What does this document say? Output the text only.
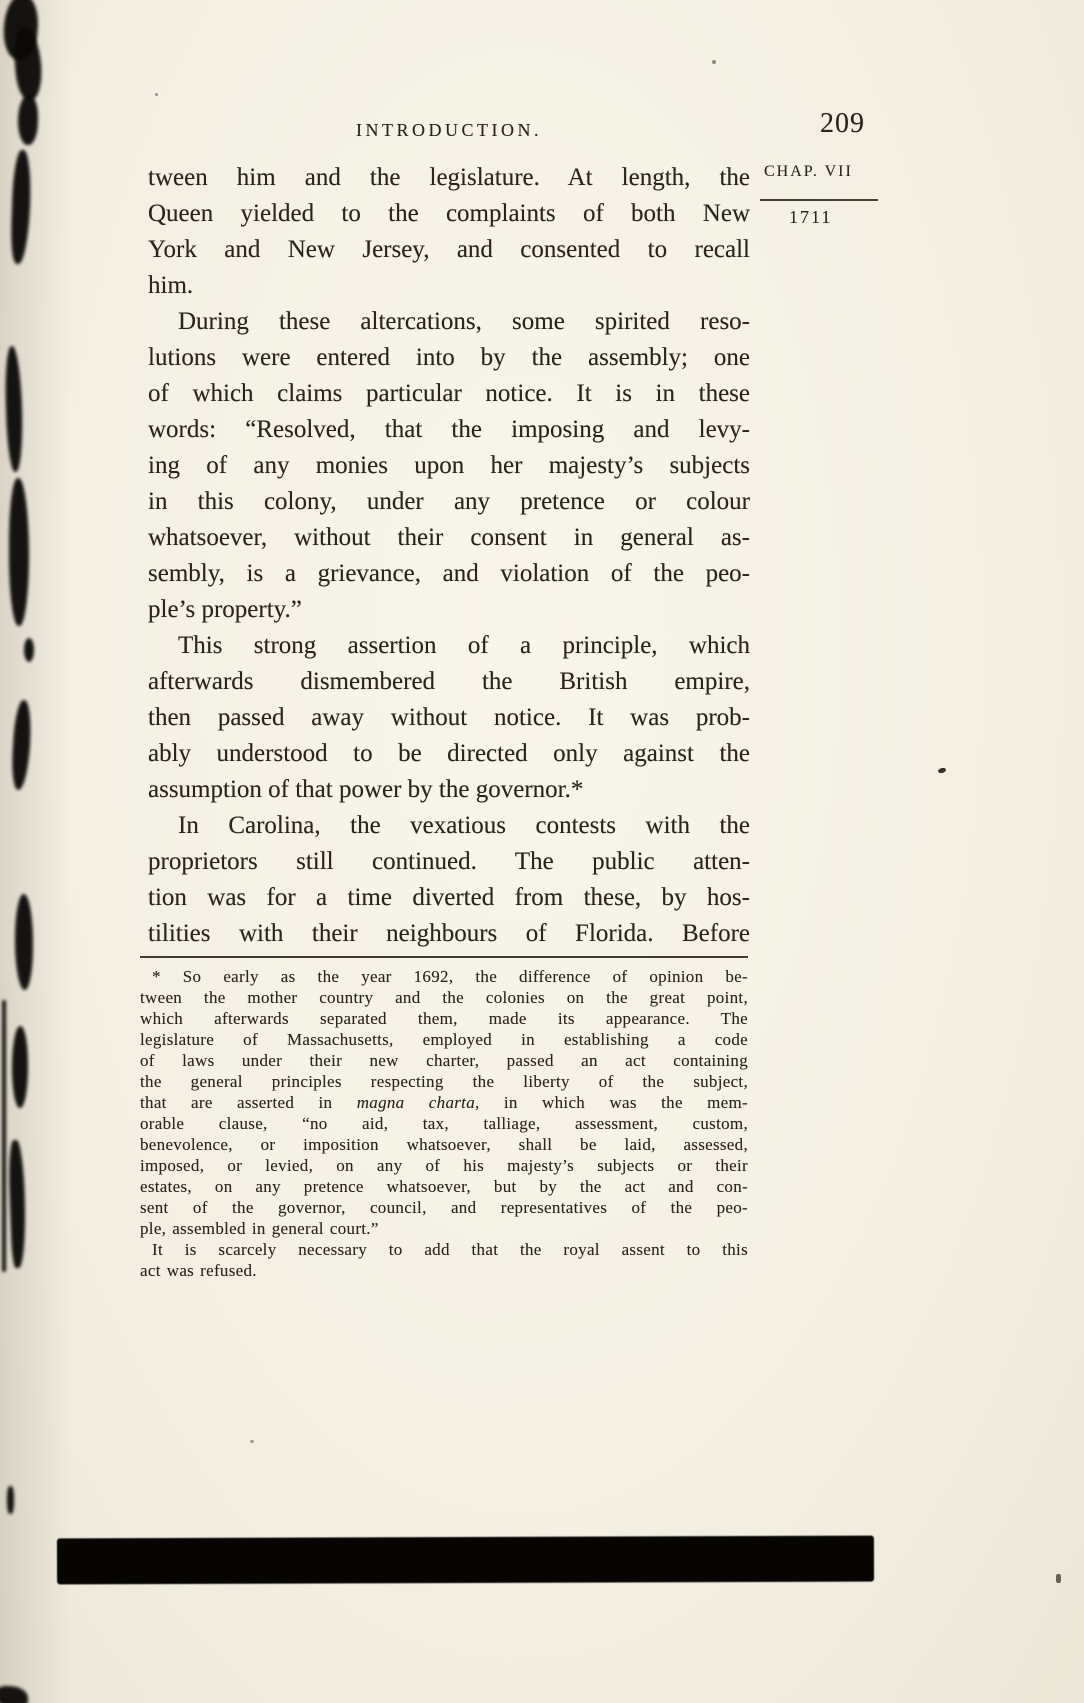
INTRODUCTION.	209
CHAP. VII
1711
tween him and the legislature. At length, the
Queen yielded to the complaints of both New
York and New Jersey, and consented to recall
him.
During these altercations, some spirited reso-
lutions were entered into by the assembly; one
of which claims particular notice. It is in these
words: “Resolved, that the imposing and levy-
ing of any monies upon her majesty’s subjects
in this colony, under any pretence or colour
whatsoever, without their consent in general as-
sembly, is a grievance, and violation of the peo-
ple’s property.”
This strong assertion of a principle, which
afterwards dismembered the British empire,
then passed away without notice. It was prob-
ably understood to be directed only against the
assumption of that power by the governor.*
In Carolina, the vexatious contests with the
proprietors still continued. The public atten-
tion was for a time diverted from these, by hos-
tilities with their neighbours of Florida. Before
* So early as the year 1692, the difference of opinion be-
tween the mother country and the colonies on the great point,
which afterwards separated them, made its appearance. The
legislature of Massachusetts, employed in establishing a code
of laws under their new charter, passed an act containing
the general principles respecting the liberty of the subject,
that are asserted in magna charta, in which was the mem-
orable clause, “no aid, tax, talliage, assessment, custom,
benevolence, or imposition whatsoever, shall be laid, assessed,
imposed, or levied, on any of his majesty’s subjects or their
estates, on any pretence whatsoever, but by the act and con-
sent of the governor, council, and representatives of the peo-
ple, assembled in general court.”
It is scarcely necessary to add that the royal assent to this
act was refused.
